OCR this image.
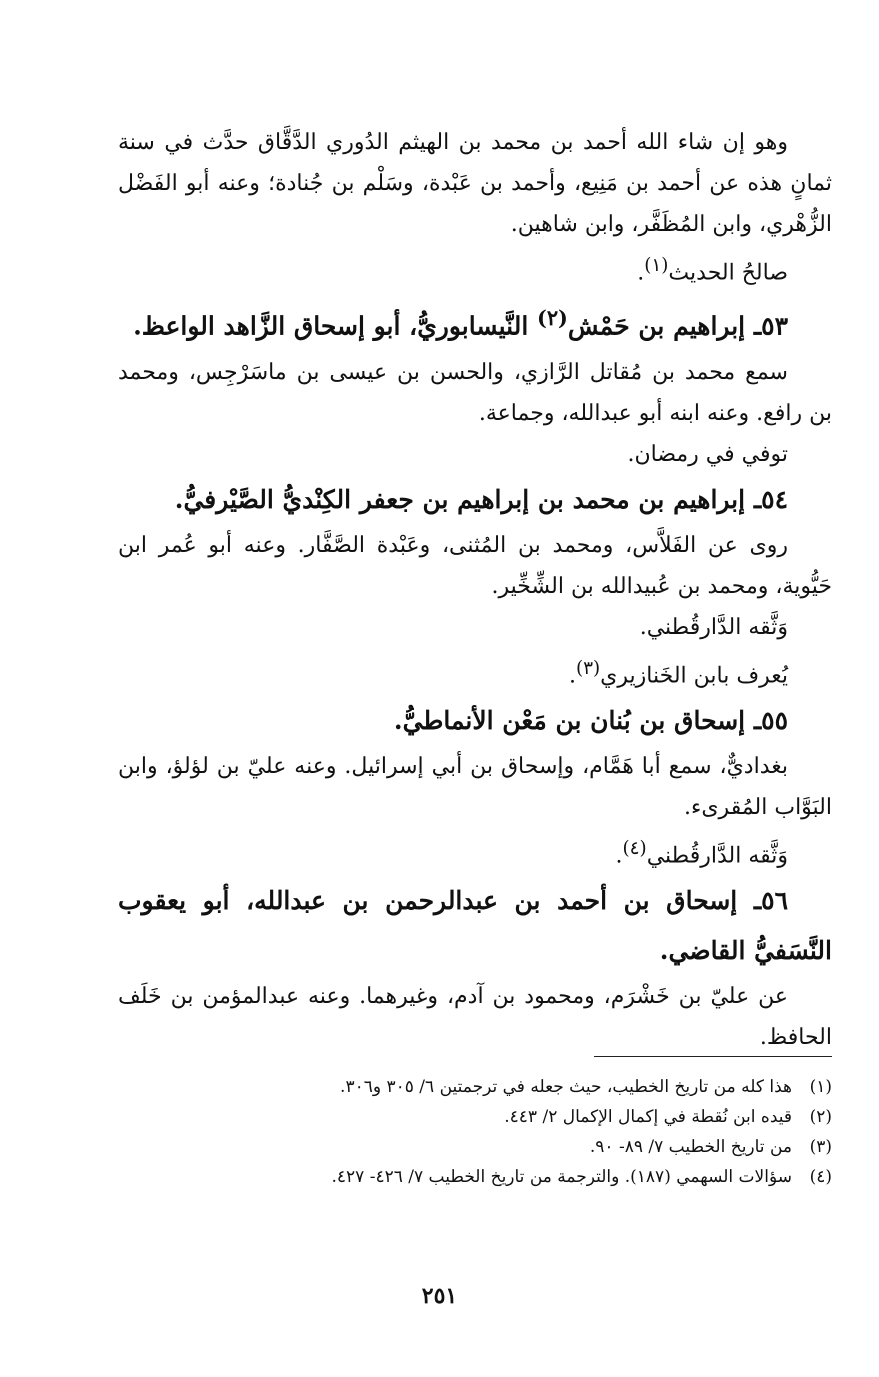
وهو إن شاء الله أحمد بن محمد بن الهيثم الدُوري الدَّقَّاق حدَّث في سنة ثمانٍ هذه عن أحمد بن مَنِيع، وأحمد بن عَبْدة، وسَلْم بن جُنادة؛ وعنه أبو الفَضْل الزُّهْري، وابن المُظَفَّر، وابن شاهين.

صالحُ الحديث$^{(١)}$.

٥٣ـ إبراهيم بن حَمْش$^{(٢)}$ النَّيسابوريُّ، أبو إسحاق الزَّاهد الواعظ.

سمع محمد بن مُقاتل الرَّازي، والحسن بن عيسى بن ماسَرْجِس، ومحمد بن رافع. وعنه ابنه أبو عبدالله، وجماعة.

توفي في رمضان.

٥٤ـ إبراهيم بن محمد بن إبراهيم بن جعفر الكِنْديُّ الصَّيْرفيُّ.

روى عن الفَلاَّس، ومحمد بن المُثنى، وعَبْدة الصَّفَّار. وعنه أبو عُمر ابن حَيُّوية، ومحمد بن عُبيدالله بن الشِّخِّير.

وَثَّقه الدَّارقُطني.

يُعرف بابن الخَنازيري$^{(٣)}$.

٥٥ـ إسحاق بن بُنان بن مَعْن الأنماطيُّ.

بغداديٌّ، سمع أبا هَمَّام، وإسحاق بن أبي إسرائيل. وعنه عليّ بن لؤلؤ، وابن البَوَّاب المُقرىء.

وَثَّقه الدَّارقُطني$^{(٤)}$.

٥٦ـ إسحاق بن أحمد بن عبدالرحمن بن عبدالله، أبو يعقوب النَّسَفيُّ القاضي.

عن عليّ بن خَشْرَم، ومحمود بن آدم، وغيرهما. وعنه عبدالمؤمن بن خَلَف الحافظ.

(١)
هذا كله من تاريخ الخطيب، حيث جعله في ترجمتين ٦/ ٣٠٥ و٣٠٦.

(٢)
قيده ابن نُقطة في إكمال الإكمال ٢/ ٤٤٣.

(٣)
من تاريخ الخطيب ٧/ ٨٩- ٩٠.

(٤)
سؤالات السهمي (١٨٧). والترجمة من تاريخ الخطيب ٧/ ٤٢٦- ٤٢٧.

٢٥١
